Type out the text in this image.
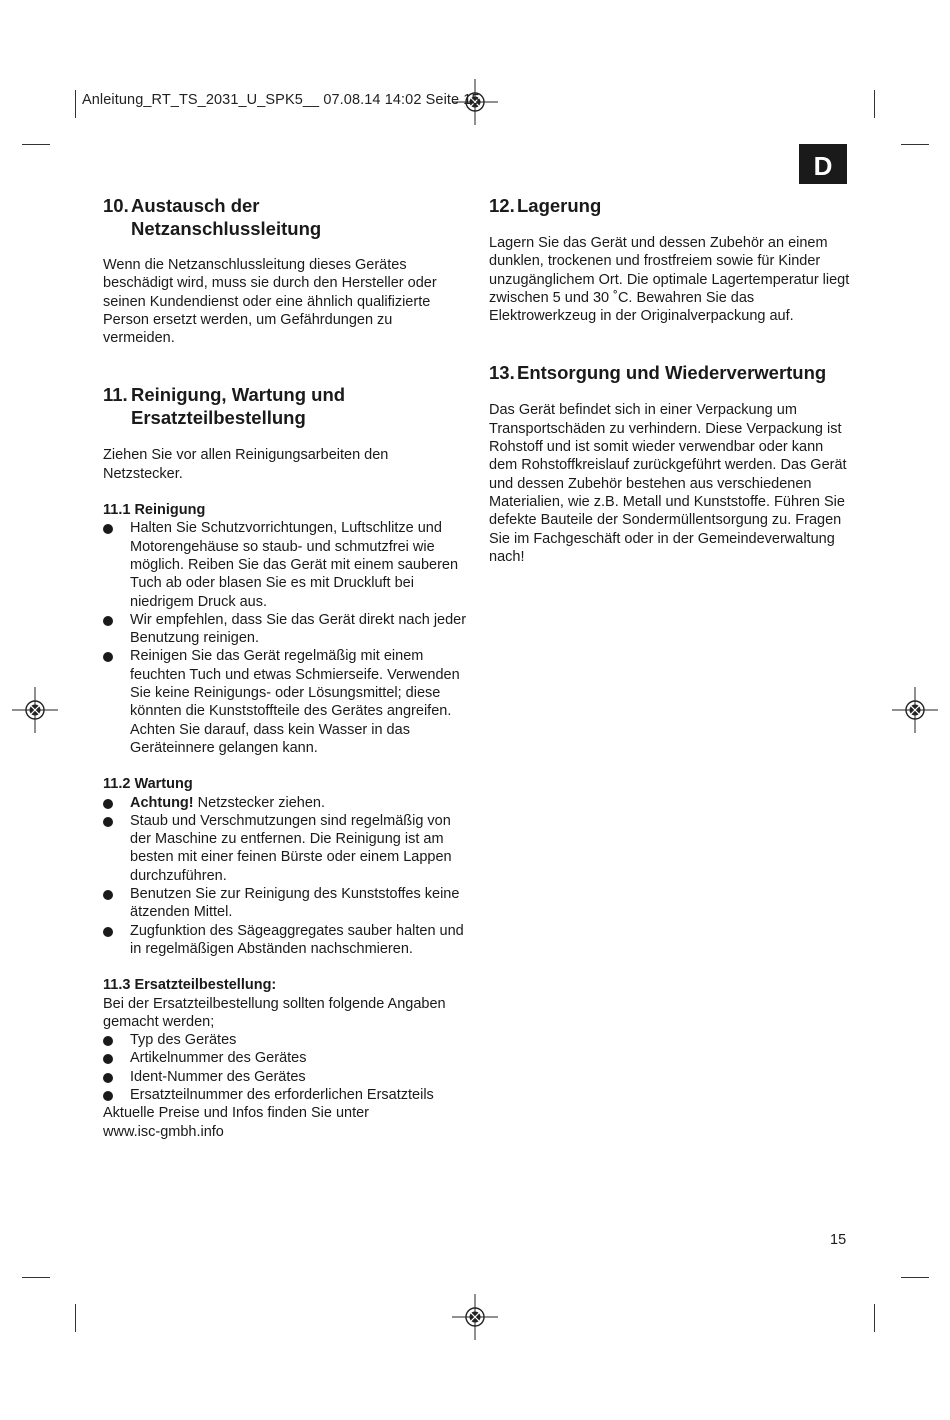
Anleitung_RT_TS_2031_U_SPK5__ 07.08.14 14:02 Seite 15
D
10. Austausch der
Netzanschlussleitung

Wenn die Netzanschlussleitung dieses Gerätes beschädigt wird, muss sie durch den Hersteller oder seinen Kundendienst oder eine ähnlich qualifizierte Person ersetzt werden, um Gefährdungen zu vermeiden.

11. Reinigung, Wartung und
Ersatzteilbestellung

Ziehen Sie vor allen Reinigungsarbeiten den Netzstecker.

11.1 Reinigung

Halten Sie Schutzvorrichtungen, Luftschlitze und Motorengehäuse so staub- und schmutzfrei wie möglich. Reiben Sie das Gerät mit einem sauberen Tuch ab oder blasen Sie es mit Druckluft bei niedrigem Druck aus.
Wir empfehlen, dass Sie das Gerät direkt nach jeder Benutzung reinigen.
Reinigen Sie das Gerät regelmäßig mit einem feuchten Tuch und etwas Schmierseife. Verwenden Sie keine Reinigungs- oder Lösungsmittel; diese könnten die Kunststoffteile des Gerätes angreifen. Achten Sie darauf, dass kein Wasser in das Geräteinnere gelangen kann.

11.2 Wartung

Achtung! Netzstecker ziehen.
Staub und Verschmutzungen sind regelmäßig von der Maschine zu entfernen. Die Reinigung ist am besten mit einer feinen Bürste oder einem Lappen durchzuführen.
Benutzen Sie zur Reinigung des Kunststoffes keine ätzenden Mittel.
Zugfunktion des Sägeaggregates sauber halten und in regelmäßigen Abständen nachschmieren.

11.3 Ersatzteilbestellung:

Bei der Ersatzteilbestellung sollten folgende Angaben gemacht werden;

Typ des Gerätes
Artikelnummer des Gerätes
Ident-Nummer des Gerätes
Ersatzteilnummer des erforderlichen Ersatzteils

Aktuelle Preise und Infos finden Sie unter www.isc-gmbh.info

12. Lagerung

Lagern Sie das Gerät und dessen Zubehör an einem dunklen, trockenen und frostfreiem sowie für Kinder unzugänglichem Ort. Die optimale Lagertemperatur liegt zwischen 5 und 30 ˚C. Bewahren Sie das Elektrowerkzeug in der Originalverpackung auf.

13. Entsorgung und Wiederverwertung

Das Gerät befindet sich in einer Verpackung um Transportschäden zu verhindern. Diese Verpackung ist Rohstoff und ist somit wieder verwendbar oder kann dem Rohstoffkreislauf zurückgeführt werden. Das Gerät und dessen Zubehör bestehen aus verschiedenen Materialien, wie z.B. Metall und Kunststoffe. Führen Sie defekte Bauteile der Sondermüllentsorgung zu. Fragen Sie im Fachgeschäft oder in der Gemeindeverwaltung nach!

15
